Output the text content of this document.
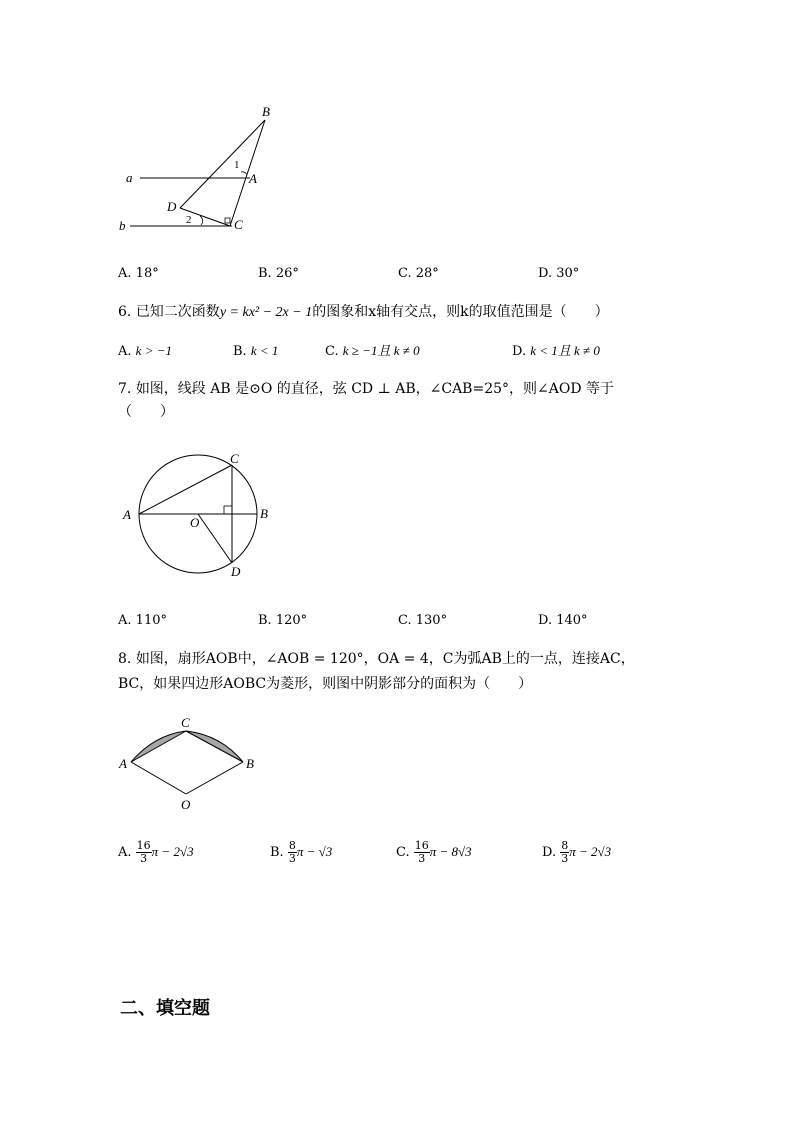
a
b
A
B
C
D
1
2
A. 18°	B. 26°	C. 28°	D. 30°
6. 已知二次函数y = kx² − 2x − 1的图象和x轴有交点，则k的取值范围是（　　）
A. k > −1	B. k < 1	C. k ≥ −1且 k ≠ 0	D. k < 1且 k ≠ 0
7. 如图，线段 AB 是⊙O 的直径，弦 CD ⊥ AB，∠CAB=25°，则∠AOD 等于
（　　）
A	B
C
D
O
A. 110°	B. 120°	C. 130°	D. 140°
8. 如图，扇形AOB中，∠AOB = 120°，OA = 4，C为弧AB上的一点，连接AC，
BC，如果四边形AOBC为菱形，则图中阴影部分的面积为（　　）
A	B
C
O
A. $\frac{16}{3}$ π − 2√3	B. $\frac{8}{3}$ π − √3	C. $\frac{16}{3}$ π − 8√3	D. $\frac{8}{3}$ π − 2√3
二、填空题
